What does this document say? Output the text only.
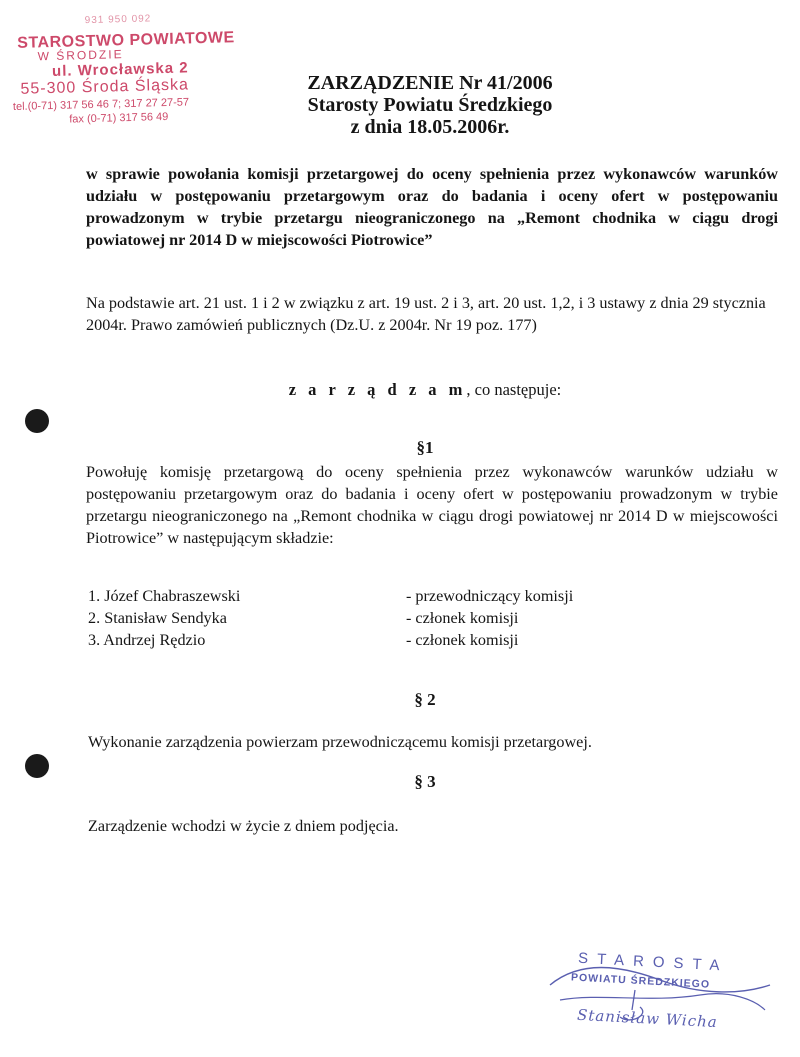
931 950 092
STAROSTWO POWIATOWE
W ŚRODZIE
ul. Wrocławska 2
55-300 Środa Śląska
tel.(0-71) 317 56 46 7; 317 27 27-57
fax (0-71) 317 56 49
ZARZĄDZENIE Nr 41/2006
Starosty Powiatu Średzkiego
z dnia 18.05.2006r.
w sprawie powołania komisji przetargowej do oceny spełnienia przez wykonawców warunków udziału w postępowaniu przetargowym oraz do badania i oceny ofert w postępowaniu prowadzonym w trybie przetargu nieograniczonego na „Remont chodnika w ciągu drogi powiatowej nr 2014 D w miejscowości Piotrowice”
Na podstawie art. 21 ust. 1 i 2 w związku z art. 19 ust. 2 i 3, art. 20 ust. 1,2, i 3 ustawy z dnia 29 stycznia 2004r. Prawo zamówień publicznych (Dz.U. z 2004r. Nr 19 poz. 177)
z a r z ą d z a m, co następuje:
§1
Powołuję komisję przetargową do oceny spełnienia przez wykonawców warunków udziału w postępowaniu przetargowym oraz do badania i oceny ofert w postępowaniu prowadzonym w trybie przetargu nieograniczonego na „Remont chodnika w ciągu drogi powiatowej nr 2014 D w miejscowości Piotrowice” w następującym składzie:
1. Józef Chabraszewski	- przewodniczący komisji
2. Stanisław Sendyka	- członek komisji
3. Andrzej Rędzio	- członek komisji
§ 2
Wykonanie zarządzenia powierzam przewodniczącemu komisji przetargowej.
§ 3
Zarządzenie wchodzi w życie z dniem podjęcia.
STAROSTA
POWIATU ŚREDZKIEGO
Stanisław Wicha
